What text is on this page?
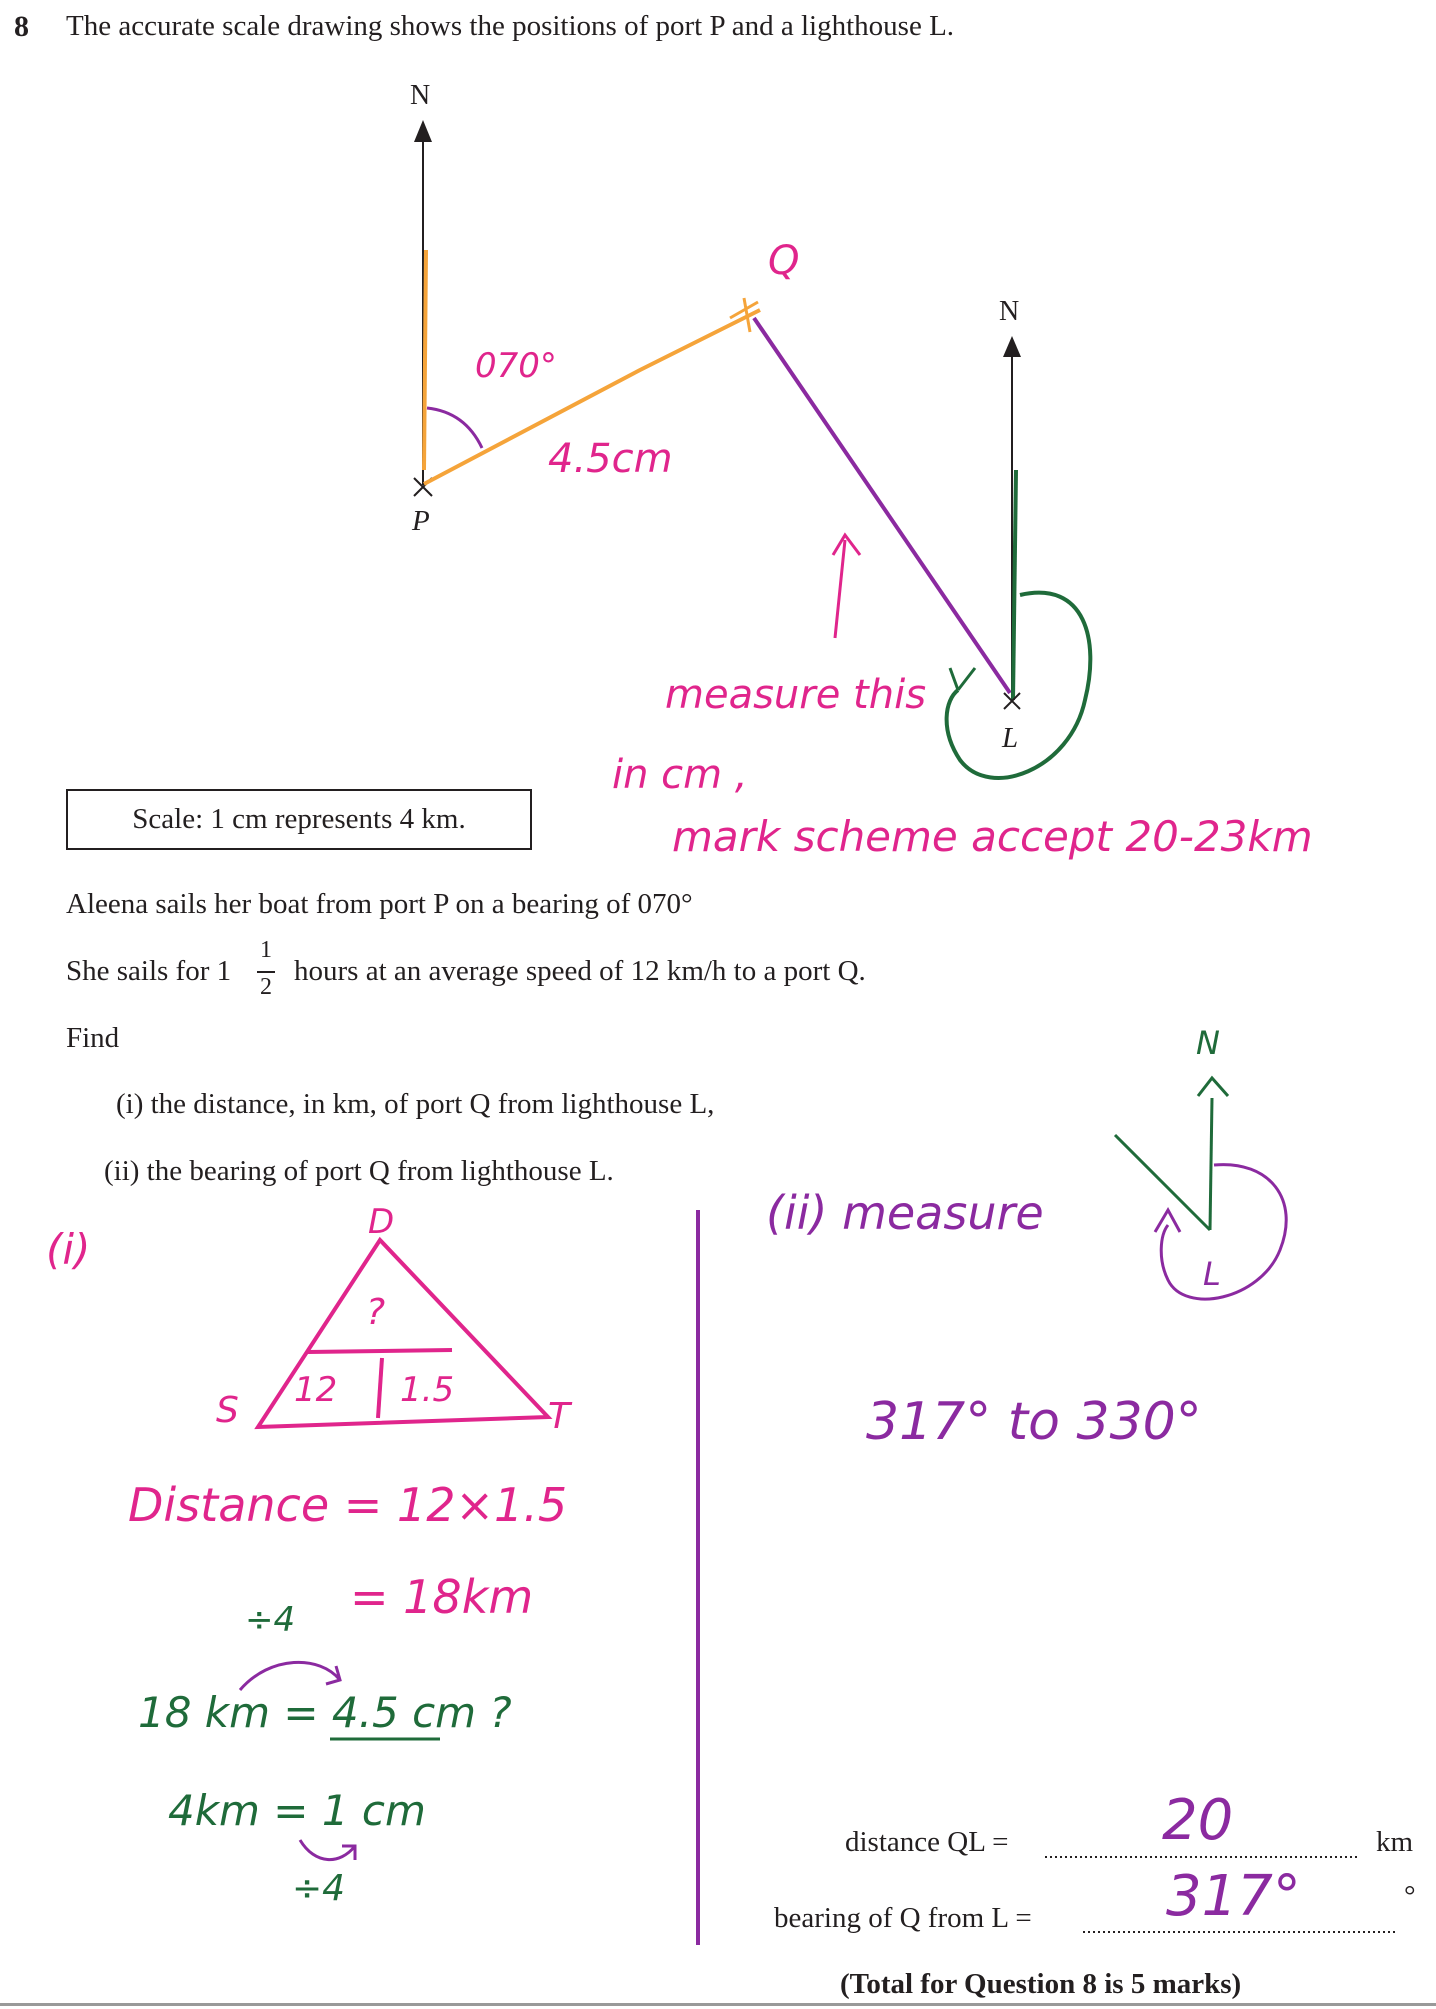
8 The accurate scale drawing shows the positions of port P and a lighthouse L.
N
N
P
L
Scale: 1 cm represents 4 km.
Aleena sails her boat from port P on a bearing of 070°
She sails for 1
1
2 hours at an average speed of 12 km/h to a port Q.
Find
(i) the distance, in km, of port Q from lighthouse L,
(ii) the bearing of port Q from lighthouse L.
Q
070°
4.5cm
measure this
in cm ,
mark scheme accept 20-23km
(i)
D
?
12 1.5
S	T
Distance = 12×1.5
= 18km
÷4
18 km = 4.5 cm ?
4km = 1 cm
÷4
(ii) measure
N
L
317° to 330°
distance QL =	20	km
bearing of Q from L = 317°	°
(Total for Question 8 is 5 marks)
